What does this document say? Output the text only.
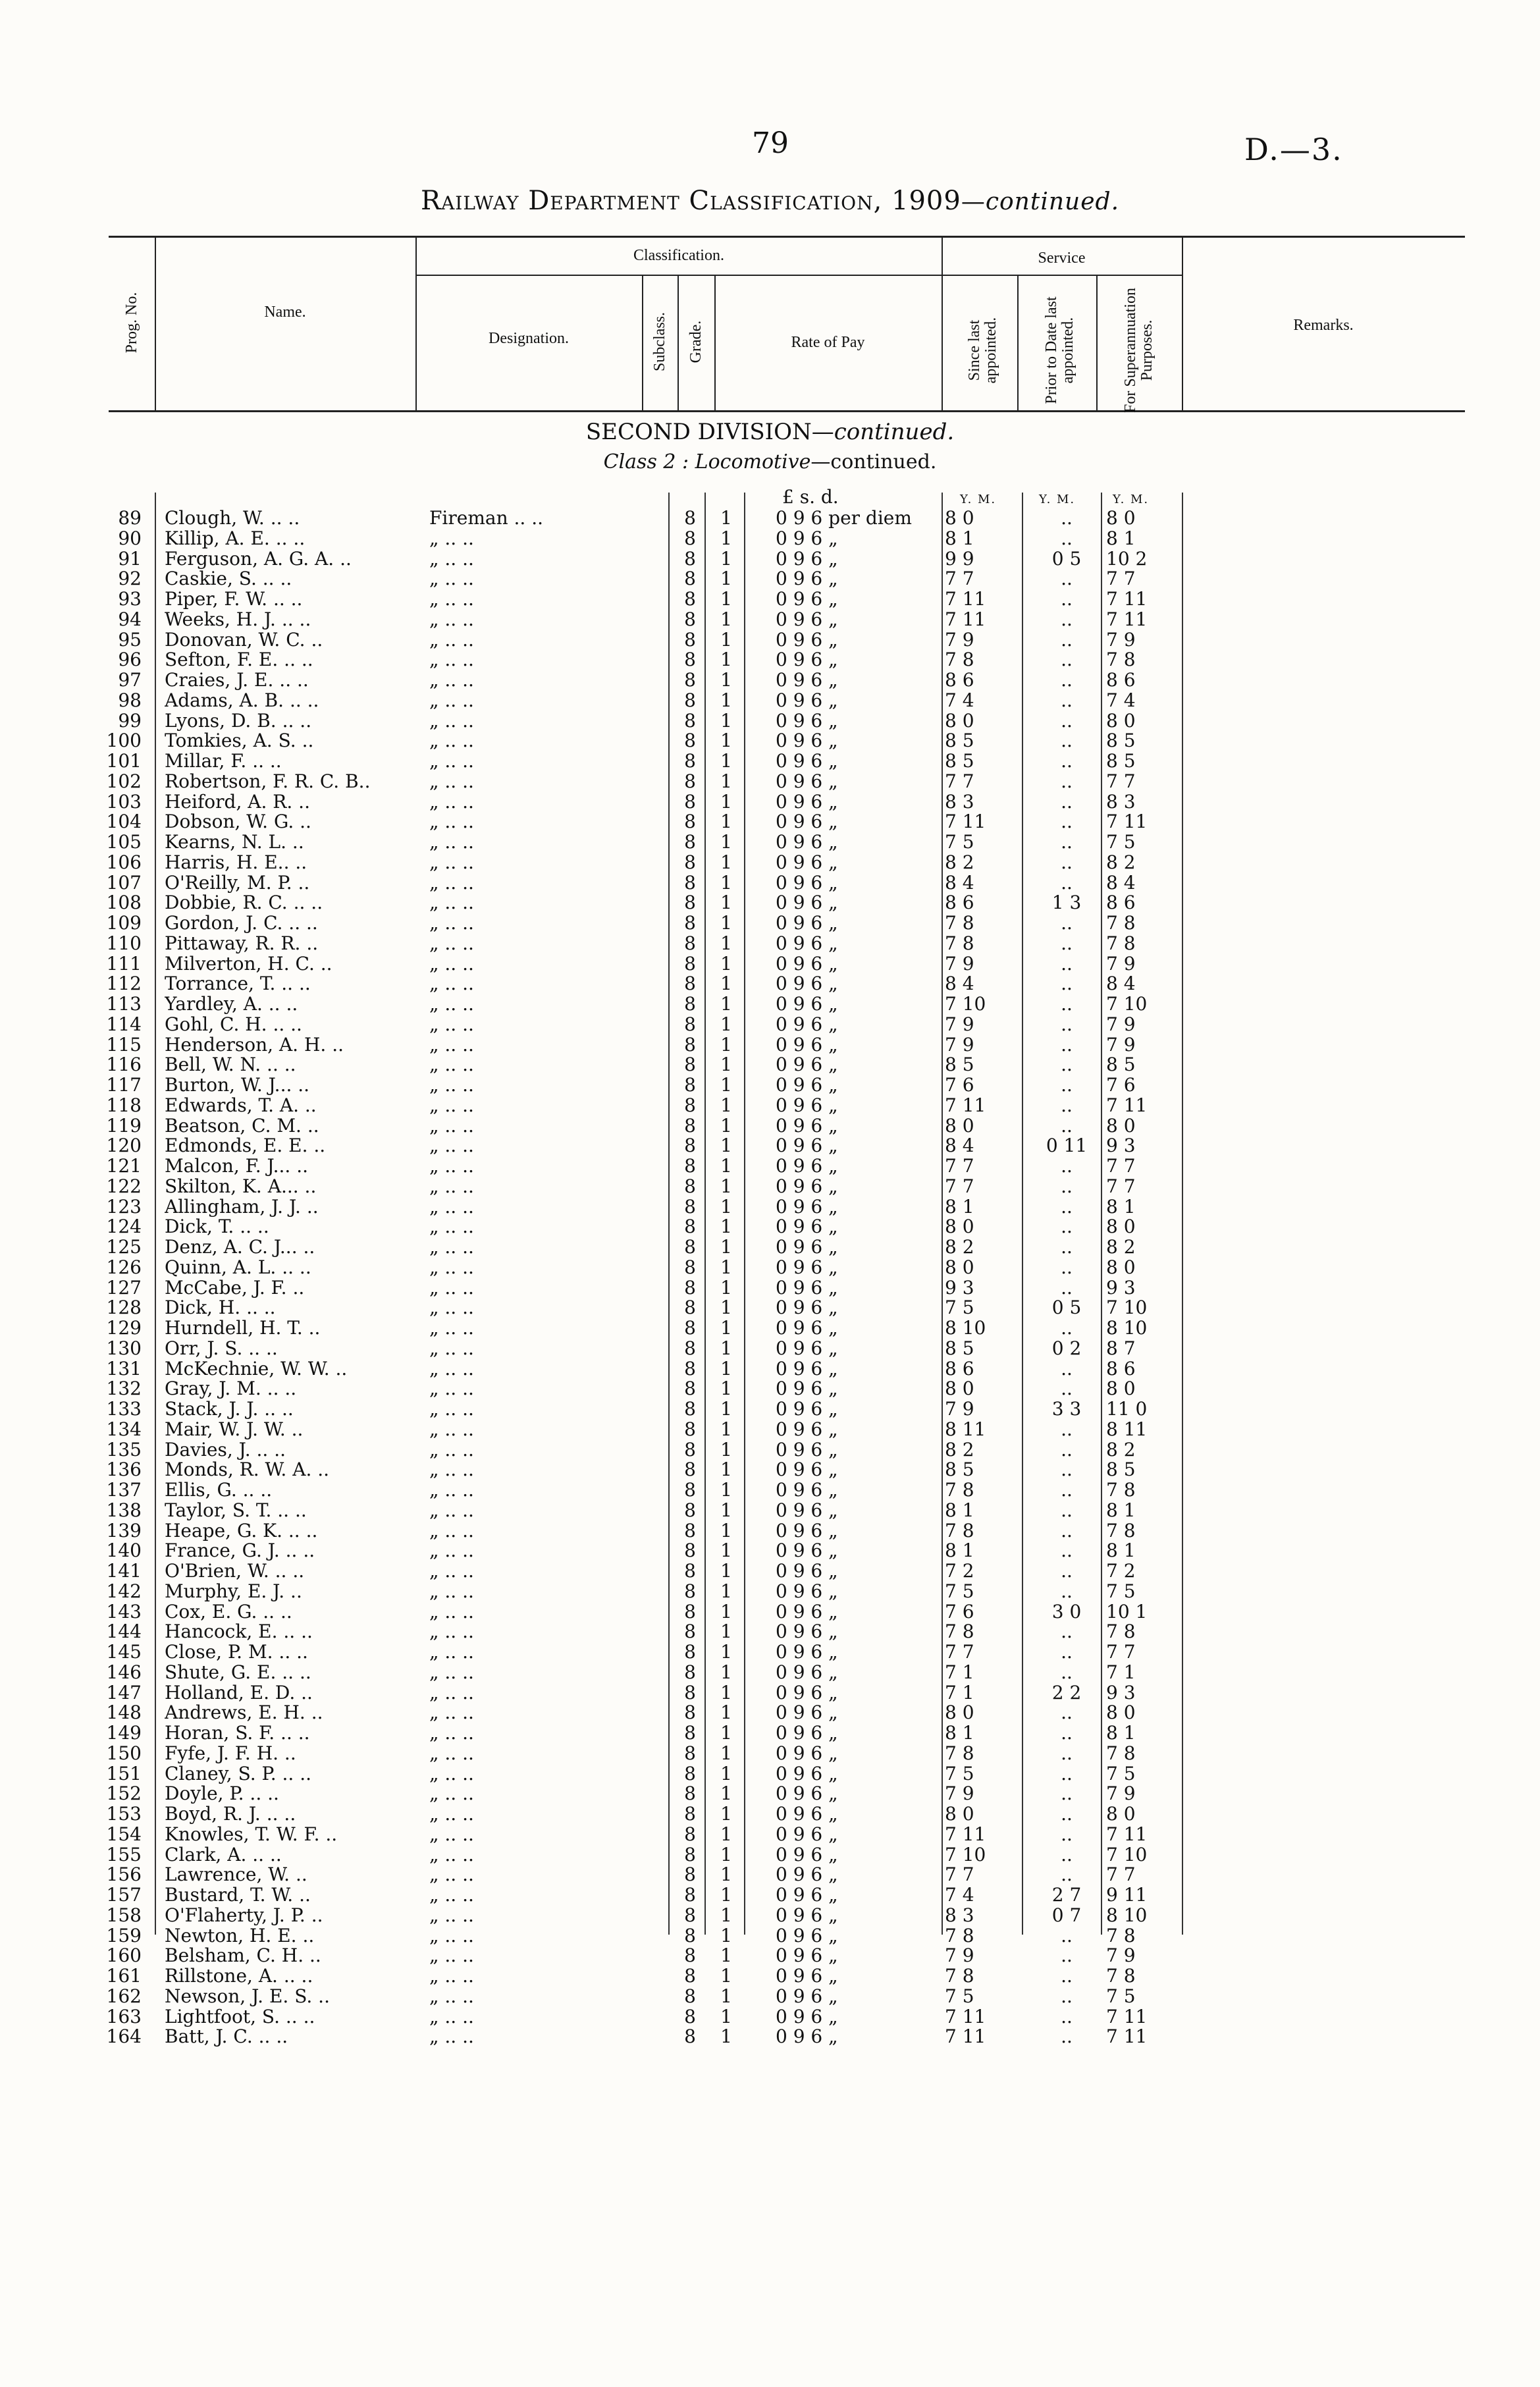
79	D.—3.
Railway Department Classification, 1909—continued.
Prog. No.	Name.
Classification.
Designation.	Subclass. Grade.	Rate of Pay
Service
Since last appointed.	Prior to Date last appointed.	For Superannuation Purposes.	Remarks.
SECOND DIVISION—continued.
Class 2 : Locomotive—continued.
£ s. d.	Y. M.	Y. M.	Y. M.
89 Clough, W. .. ..	Fireman .. ..	8	1	0 9 6 per diem	8 0	..	8 0
90 Killip, A. E. .. ..	„ .. ..	8	1	0 9 6 „	8 1	..	8 1
91 Ferguson, A. G. A. ..	„ .. ..	8	1	0 9 6 „	9 9	0 5	10 2
92 Caskie, S. .. ..	„ .. ..	8	1	0 9 6 „	7 7	..	7 7
93 Piper, F. W. .. ..	„ .. ..	8	1	0 9 6 „	7 11	..	7 11
94 Weeks, H. J. .. ..	„ .. ..	8	1	0 9 6 „	7 11	..	7 11
95 Donovan, W. C. ..	„ .. ..	8	1	0 9 6 „	7 9	..	7 9
96 Sefton, F. E. .. ..	„ .. ..	8	1	0 9 6 „	7 8	..	7 8
97 Craies, J. E. .. ..	„ .. ..	8	1	0 9 6 „	8 6	..	8 6
98 Adams, A. B. .. ..	„ .. ..	8	1	0 9 6 „	7 4	..	7 4
99 Lyons, D. B. .. ..	„ .. ..	8	1	0 9 6 „	8 0	..	8 0
100 Tomkies, A. S. ..	„ .. ..	8	1	0 9 6 „	8 5	..	8 5
101 Millar, F. .. ..	„ .. ..	8	1	0 9 6 „	8 5	..	8 5
102 Robertson, F. R. C. B..	„ .. ..	8	1	0 9 6 „	7 7	..	7 7
103 Heiford, A. R. ..	„ .. ..	8	1	0 9 6 „	8 3	..	8 3
104 Dobson, W. G. ..	„ .. ..	8	1	0 9 6 „	7 11	..	7 11
105 Kearns, N. L. ..	„ .. ..	8	1	0 9 6 „	7 5	..	7 5
106 Harris, H. E.. ..	„ .. ..	8	1	0 9 6 „	8 2	..	8 2
107 O'Reilly, M. P. ..	„ .. ..	8	1	0 9 6 „	8 4	..	8 4
108 Dobbie, R. C. .. ..	„ .. ..	8	1	0 9 6 „	8 6	1 3	8 6
109 Gordon, J. C. .. ..	„ .. ..	8	1	0 9 6 „	7 8	..	7 8
110 Pittaway, R. R. ..	„ .. ..	8	1	0 9 6 „	7 8	..	7 8
111 Milverton, H. C. ..	„ .. ..	8	1	0 9 6 „	7 9	..	7 9
112 Torrance, T. .. ..	„ .. ..	8	1	0 9 6 „	8 4	..	8 4
113 Yardley, A. .. ..	„ .. ..	8	1	0 9 6 „	7 10	..	7 10
114 Gohl, C. H. .. ..	„ .. ..	8	1	0 9 6 „	7 9	..	7 9
115 Henderson, A. H. ..	„ .. ..	8	1	0 9 6 „	7 9	..	7 9
116 Bell, W. N. .. ..	„ .. ..	8	1	0 9 6 „	8 5	..	8 5
117 Burton, W. J... ..	„ .. ..	8	1	0 9 6 „	7 6	..	7 6
118 Edwards, T. A. ..	„ .. ..	8	1	0 9 6 „	7 11	..	7 11
119 Beatson, C. M. ..	„ .. ..	8	1	0 9 6 „	8 0	..	8 0
120 Edmonds, E. E. ..	„ .. ..	8	1	0 9 6 „	8 4	0 11	9 3
121 Malcon, F. J... ..	„ .. ..	8	1	0 9 6 „	7 7	..	7 7
122 Skilton, K. A... ..	„ .. ..	8	1	0 9 6 „	7 7	..	7 7
123 Allingham, J. J. ..	„ .. ..	8	1	0 9 6 „	8 1	..	8 1
124 Dick, T. .. ..	„ .. ..	8	1	0 9 6 „	8 0	..	8 0
125 Denz, A. C. J... ..	„ .. ..	8	1	0 9 6 „	8 2	..	8 2
126 Quinn, A. L. .. ..	„ .. ..	8	1	0 9 6 „	8 0	..	8 0
127 McCabe, J. F. ..	„ .. ..	8	1	0 9 6 „	9 3	..	9 3
128 Dick, H. .. ..	„ .. ..	8	1	0 9 6 „	7 5	0 5	7 10
129 Hurndell, H. T. ..	„ .. ..	8	1	0 9 6 „	8 10	..	8 10
130 Orr, J. S. .. ..	„ .. ..	8	1	0 9 6 „	8 5	0 2	8 7
131 McKechnie, W. W. ..	„ .. ..	8	1	0 9 6 „	8 6	..	8 6
132 Gray, J. M. .. ..	„ .. ..	8	1	0 9 6 „	8 0	..	8 0
133 Stack, J. J. .. ..	„ .. ..	8	1	0 9 6 „	7 9	3 3	11 0
134 Mair, W. J. W. ..	„ .. ..	8	1	0 9 6 „	8 11	..	8 11
135 Davies, J. .. ..	„ .. ..	8	1	0 9 6 „	8 2	..	8 2
136 Monds, R. W. A. ..	„ .. ..	8	1	0 9 6 „	8 5	..	8 5
137 Ellis, G. .. ..	„ .. ..	8	1	0 9 6 „	7 8	..	7 8
138 Taylor, S. T. .. ..	„ .. ..	8	1	0 9 6 „	8 1	..	8 1
139 Heape, G. K. .. ..	„ .. ..	8	1	0 9 6 „	7 8	..	7 8
140 France, G. J. .. ..	„ .. ..	8	1	0 9 6 „	8 1	..	8 1
141 O'Brien, W. .. ..	„ .. ..	8	1	0 9 6 „	7 2	..	7 2
142 Murphy, E. J. ..	„ .. ..	8	1	0 9 6 „	7 5	..	7 5
143 Cox, E. G. .. ..	„ .. ..	8	1	0 9 6 „	7 6	3 0	10 1
144 Hancock, E. .. ..	„ .. ..	8	1	0 9 6 „	7 8	..	7 8
145 Close, P. M. .. ..	„ .. ..	8	1	0 9 6 „	7 7	..	7 7
146 Shute, G. E. .. ..	„ .. ..	8	1	0 9 6 „	7 1	..	7 1
147 Holland, E. D. ..	„ .. ..	8	1	0 9 6 „	7 1	2 2	9 3
148 Andrews, E. H. ..	„ .. ..	8	1	0 9 6 „	8 0	..	8 0
149 Horan, S. F. .. ..	„ .. ..	8	1	0 9 6 „	8 1	..	8 1
150 Fyfe, J. F. H. ..	„ .. ..	8	1	0 9 6 „	7 8	..	7 8
151 Claney, S. P. .. ..	„ .. ..	8	1	0 9 6 „	7 5	..	7 5
152 Doyle, P. .. ..	„ .. ..	8	1	0 9 6 „	7 9	..	7 9
153 Boyd, R. J. .. ..	„ .. ..	8	1	0 9 6 „	8 0	..	8 0
154 Knowles, T. W. F. ..	„ .. ..	8	1	0 9 6 „	7 11	..	7 11
155 Clark, A. .. ..	„ .. ..	8	1	0 9 6 „	7 10	..	7 10
156 Lawrence, W. ..	„ .. ..	8	1	0 9 6 „	7 7	..	7 7
157 Bustard, T. W. ..	„ .. ..	8	1	0 9 6 „	7 4	2 7	9 11
158 O'Flaherty, J. P. ..	„ .. ..	8	1	0 9 6 „	8 3	0 7	8 10
159 Newton, H. E. ..	„ .. ..	8	1	0 9 6 „	7 8	..	7 8
160 Belsham, C. H. ..	„ .. ..	8	1	0 9 6 „	7 9	..	7 9
161 Rillstone, A. .. ..	„ .. ..	8	1	0 9 6 „	7 8	..	7 8
162 Newson, J. E. S. ..	„ .. ..	8	1	0 9 6 „	7 5	..	7 5
163 Lightfoot, S. .. ..	„ .. ..	8	1	0 9 6 „	7 11	..	7 11
164 Batt, J. C. .. ..	„ .. ..	8	1	0 9 6 „	7 11	..	7 11
